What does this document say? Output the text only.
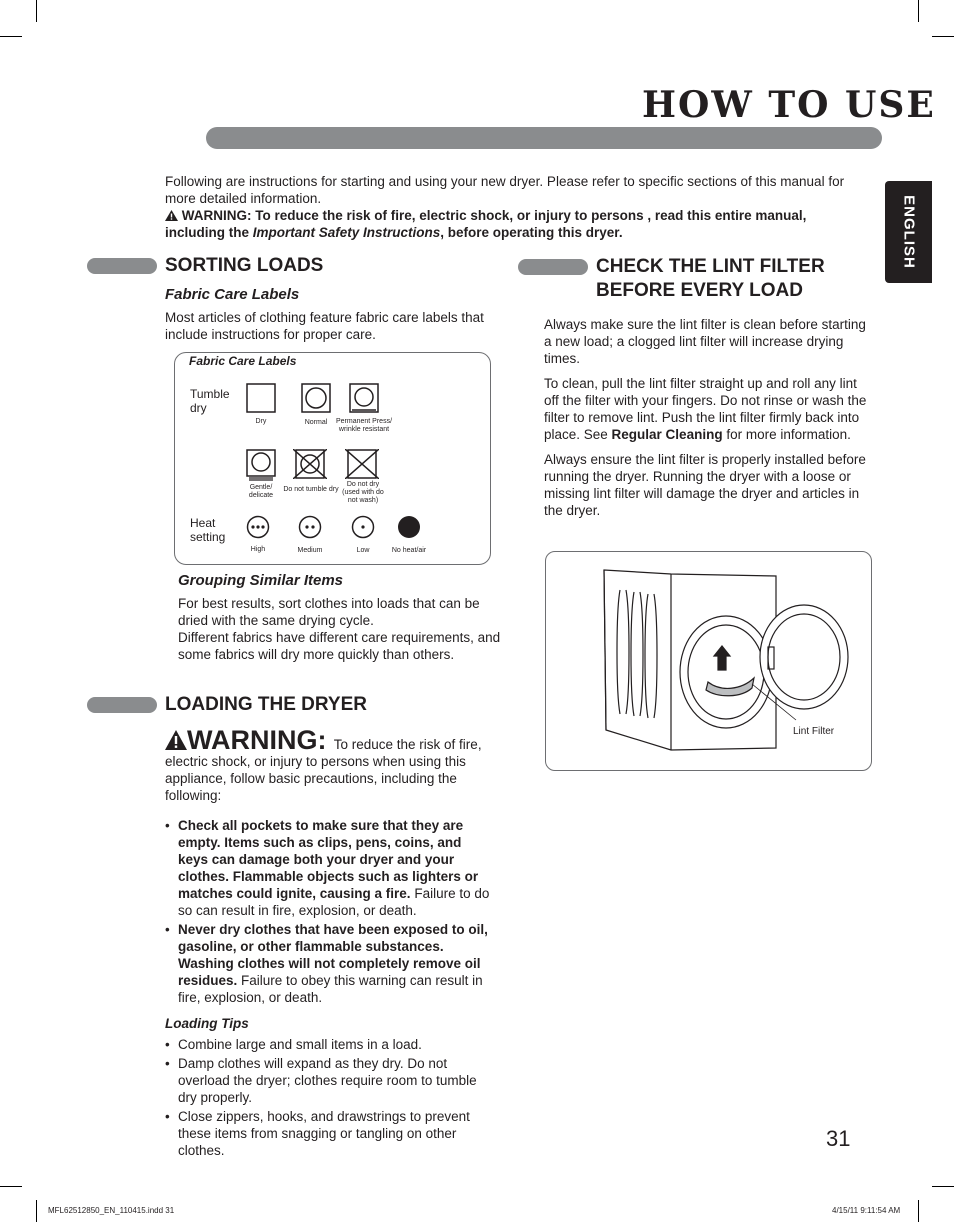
HOW TO USE
ENGLISH
Following are instructions for starting and using your new dryer. Please refer to specific sections of this manual for more detailed information.
WARNING: To reduce the risk of fire, electric shock, or injury to persons , read this entire manual, including the Important Safety Instructions, before operating this dryer.
SORTING LOADS
Fabric Care Labels
Most articles of clothing feature fabric care labels that include instructions for proper care.
Fabric Care Labels
Tumble
dry
Dry	Normal	Permanent Press/ wrinkle resistant
Gentle/ delicate
Do not tumble dry
Do not dry (used with do not wash)
Heat
setting
High	Medium	Low	No heat/air
Grouping Similar Items
For best results, sort clothes into loads that can be dried with the same drying cycle.
Different fabrics have different care requirements, and some fabrics will dry more quickly than others.
LOADING THE DRYER
WARNING: To reduce the risk of fire, electric shock, or injury to persons when using this appliance, follow basic precautions, including the following:
• Check all pockets to make sure that they are empty. Items such as clips, pens, coins, and keys can damage both your dryer and your clothes. Flammable objects such as lighters or matches could ignite, causing a fire. Failure to do so can result in fire, explosion, or death.
• Never dry clothes that have been exposed to oil, gasoline, or other flammable substances. Washing clothes will not completely remove oil residues. Failure to obey this warning can result in fire, explosion, or death.
Loading Tips
• Combine large and small items in a load.
• Damp clothes will expand as they dry. Do not overload the dryer; clothes require room to tumble dry properly.
• Close zippers, hooks, and drawstrings to prevent these items from snagging or tangling on other clothes.
CHECK THE LINT FILTER
BEFORE EVERY LOAD
Always make sure the lint filter is clean before starting a new load; a clogged lint filter will increase drying times.
To clean, pull the lint filter straight up and roll any lint off the filter with your fingers. Do not rinse or wash the filter to remove lint. Push the lint filter firmly back into place. See Regular Cleaning for more information.
Always ensure the lint filter is properly installed before running the dryer. Running the dryer with a loose or missing lint filter will damage the dryer and articles in the dryer.
Lint Filter
31
MFL62512850_EN_110415.indd 31	4/15/11 9:11:54 AM
